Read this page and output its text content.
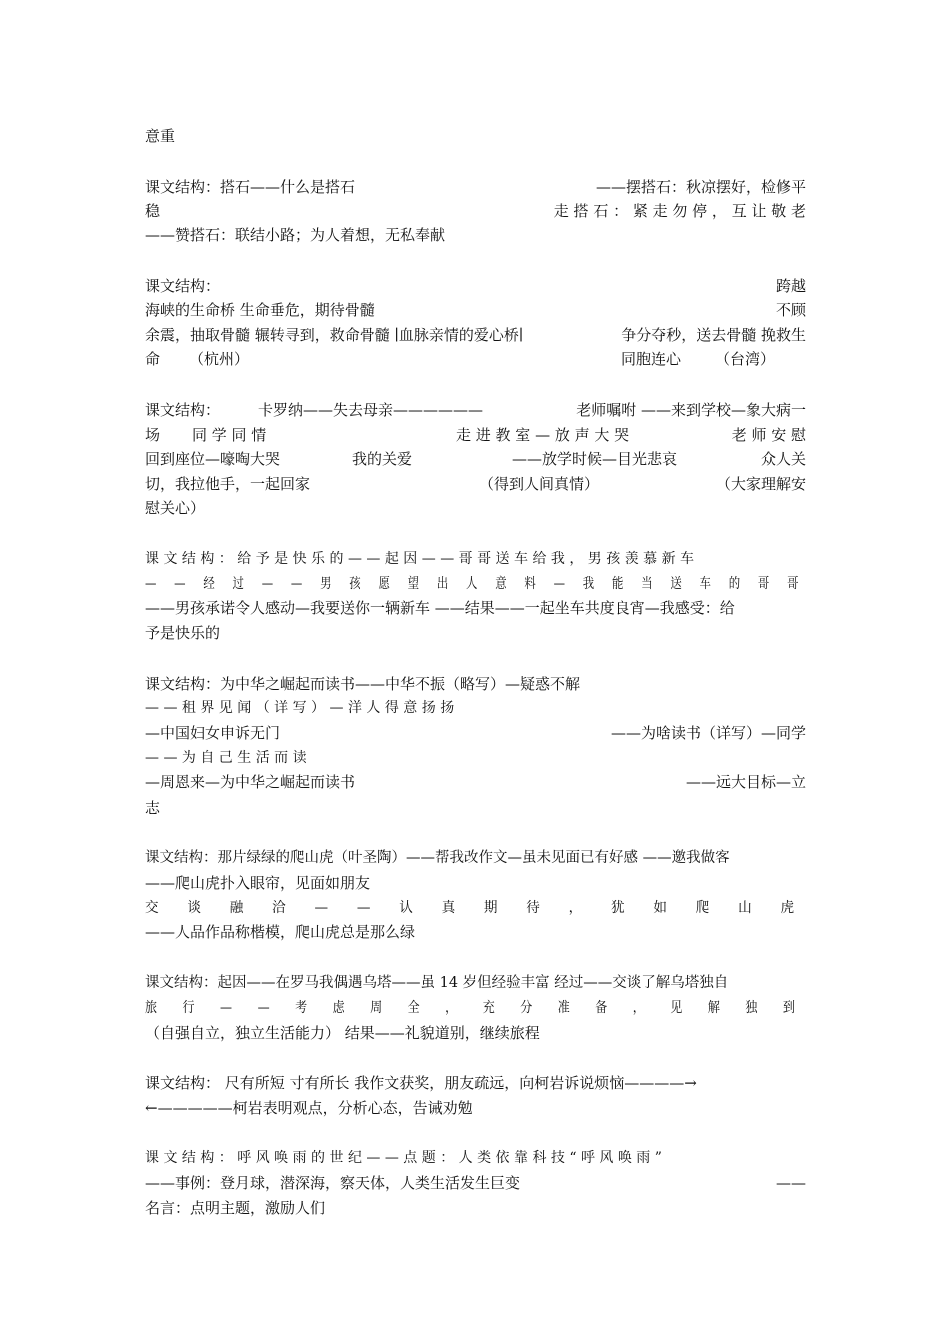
意重
课文结构：搭石——什么是搭石	——摆搭石：秋凉摆好，检修平
稳	走 搭 石 ： 紧 走 勿 停 ， 互 让 敬 老
——赞搭石：联结小路；为人着想，无私奉献
课文结构：	跨越
海峡的生命桥 生命垂危，期待骨髓	不顾
余震，抽取骨髓 辗转寻到，救命骨髓 ∣血脉亲情的爱心桥∣	争分夺秒，送去骨髓 挽救生
命 （杭州）	同胞连心 （台湾）
课文结构：	卡罗纳——失去母亲——————	老师嘱咐 ——来到学校—象大病一
场 同 学 同 情	走 进 教 室 — 放 声 大 哭	老 师 安 慰
回到座位—嚎啕大哭	我的关爱	——放学时候—目光悲哀	众人关
切，我拉他手，一起回家	（得到人间真情）	（大家理解安
慰关心）
课 文 结 构 ： 给 予 是 快 乐 的 — — 起 因 — — 哥 哥 送 车 给 我 ， 男 孩 羡 慕 新 车
— — 经 过 — — 男 孩 愿 望 出 人 意 料 — 我 能 当 送 车 的 哥 哥
——男孩承诺令人感动—我要送你一辆新车 ——结果——一起坐车共度良宵—我感受：给
予是快乐的
课文结构：为中华之崛起而读书——中华不振（略写）—疑惑不解
— — 租 界 见 闻 （ 详 写 ） — 洋 人 得 意 扬 扬
—中国妇女申诉无门	——为啥读书（详写）—同学
— — 为 自 己 生 活 而 读
—周恩来—为中华之崛起而读书	——远大目标—立
志
课文结构：那片绿绿的爬山虎（叶圣陶）——帮我改作文—虽未见面已有好感 ——邀我做客
——爬山虎扑入眼帘，见面如朋友
交 谈 融 洽 — — 认 真 期 待 ， 犹 如 爬 山 虎
——人品作品称楷模，爬山虎总是那么绿
课文结构：起因——在罗马我偶遇乌塔——虽 14 岁但经验丰富 经过——交谈了解乌塔独自
旅 行 — — 考 虑 周 全 ， 充 分 准 备 ， 见 解 独 到
（自强自立，独立生活能力） 结果——礼貌道别，继续旅程
课文结构： 尺有所短 寸有所长 我作文获奖，朋友疏远，向柯岩诉说烦恼————→
←—————柯岩表明观点，分析心态，告诫劝勉
课 文 结 构 ： 呼 风 唤 雨 的 世 纪 — — 点 题 ： 人 类 依 靠 科 技 “ 呼 风 唤 雨 ”
——事例：登月球，潜深海，察天体，人类生活发生巨变	——
名言：点明主题，激励人们
